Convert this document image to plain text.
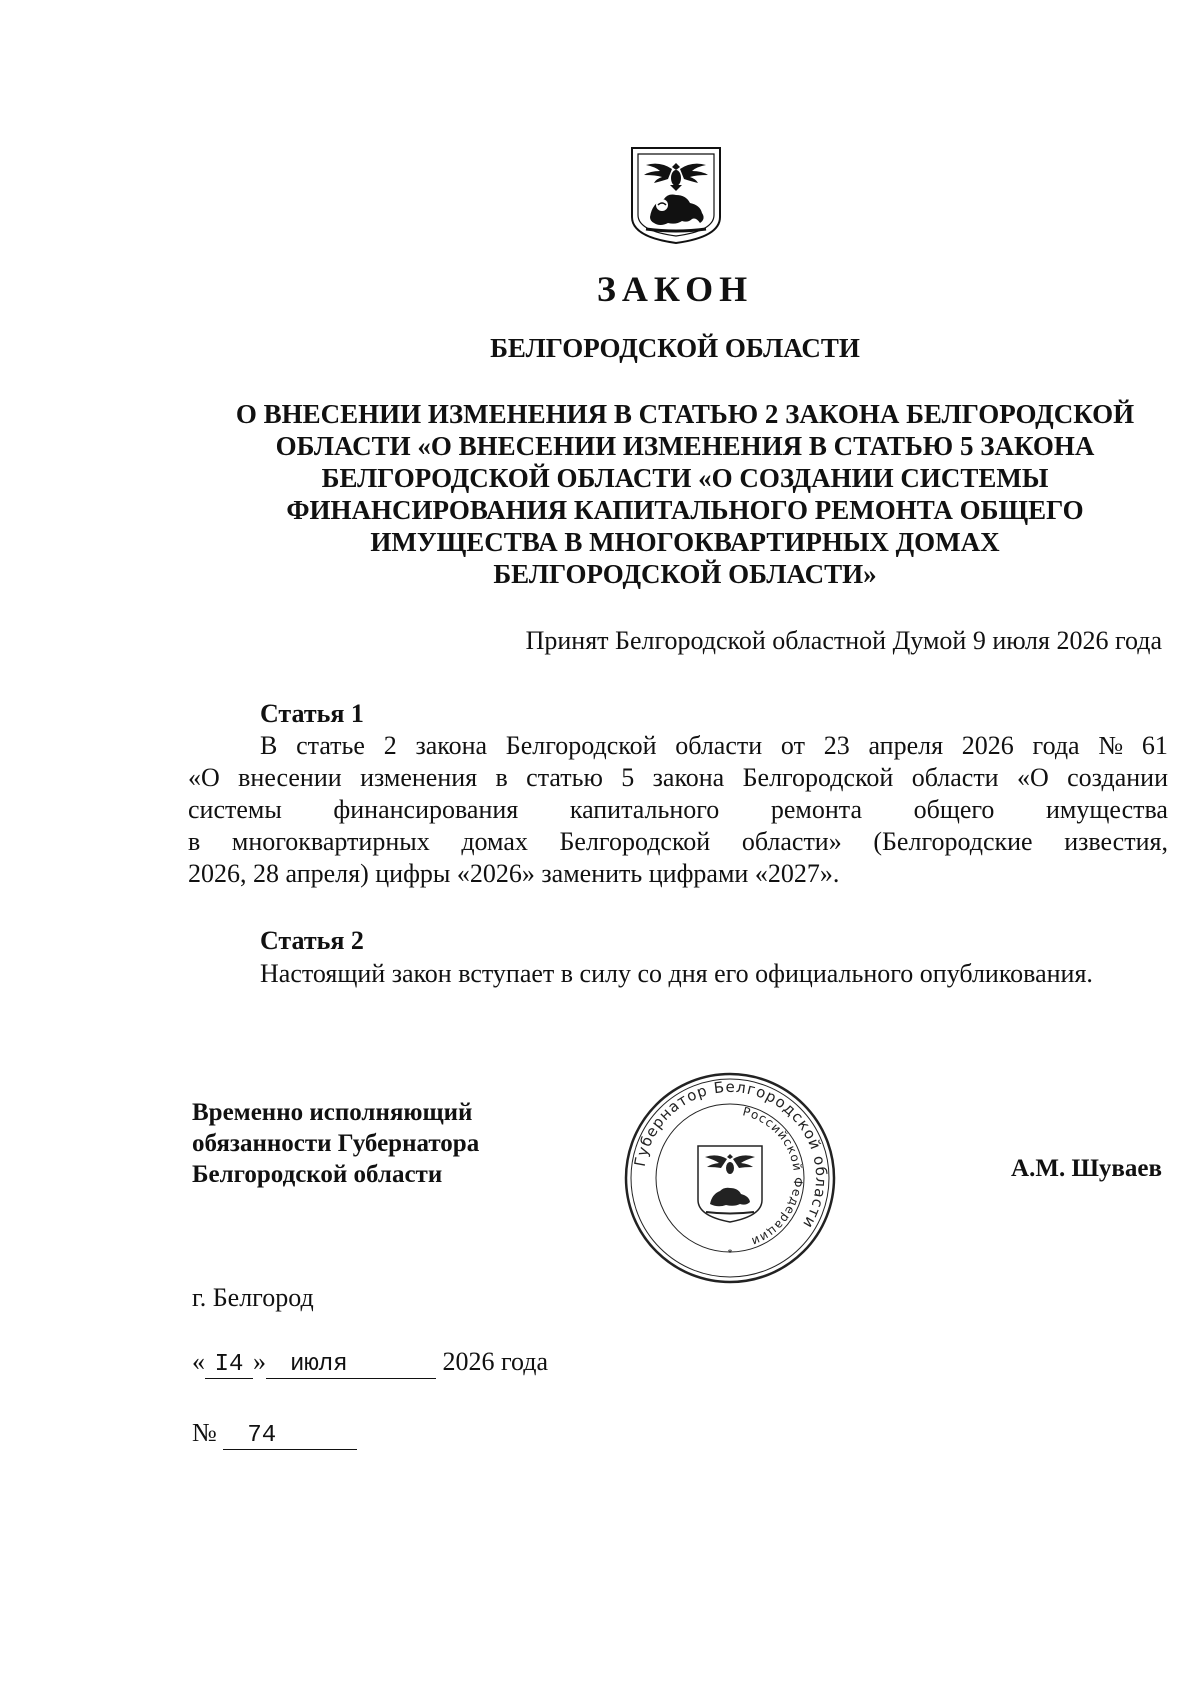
ЗАКОН
БЕЛГОРОДСКОЙ ОБЛАСТИ
О ВНЕСЕНИИ ИЗМЕНЕНИЯ В СТАТЬЮ 2 ЗАКОНА БЕЛГОРОДСКОЙ
ОБЛАСТИ «О ВНЕСЕНИИ ИЗМЕНЕНИЯ В СТАТЬЮ 5 ЗАКОНА
БЕЛГОРОДСКОЙ ОБЛАСТИ «О СОЗДАНИИ СИСТЕМЫ
ФИНАНСИРОВАНИЯ КАПИТАЛЬНОГО РЕМОНТА ОБЩЕГО
ИМУЩЕСТВА В МНОГОКВАРТИРНЫХ ДОМАХ
БЕЛГОРОДСКОЙ ОБЛАСТИ»
Принят Белгородской областной Думой 9 июля 2026 года
Статья 1
В статье 2 закона Белгородской области от 23 апреля 2026 года № 61
«О внесении изменения в статью 5 закона Белгородской области «О создании
системы финансирования капитального ремонта общего имущества
в многоквартирных домах Белгородской области» (Белгородские известия,
2026, 28 апреля) цифры «2026» заменить цифрами «2027».
Статья 2
Настоящий закон вступает в силу со дня его официального опубликования.
Временно исполняющий
обязанности Губернатора
Белгородской области	Губернатор Белгородской области
Российской Федерации
*
А.М. Шуваев
г. Белгород
« I4 » июля	2026 года
№ 74
